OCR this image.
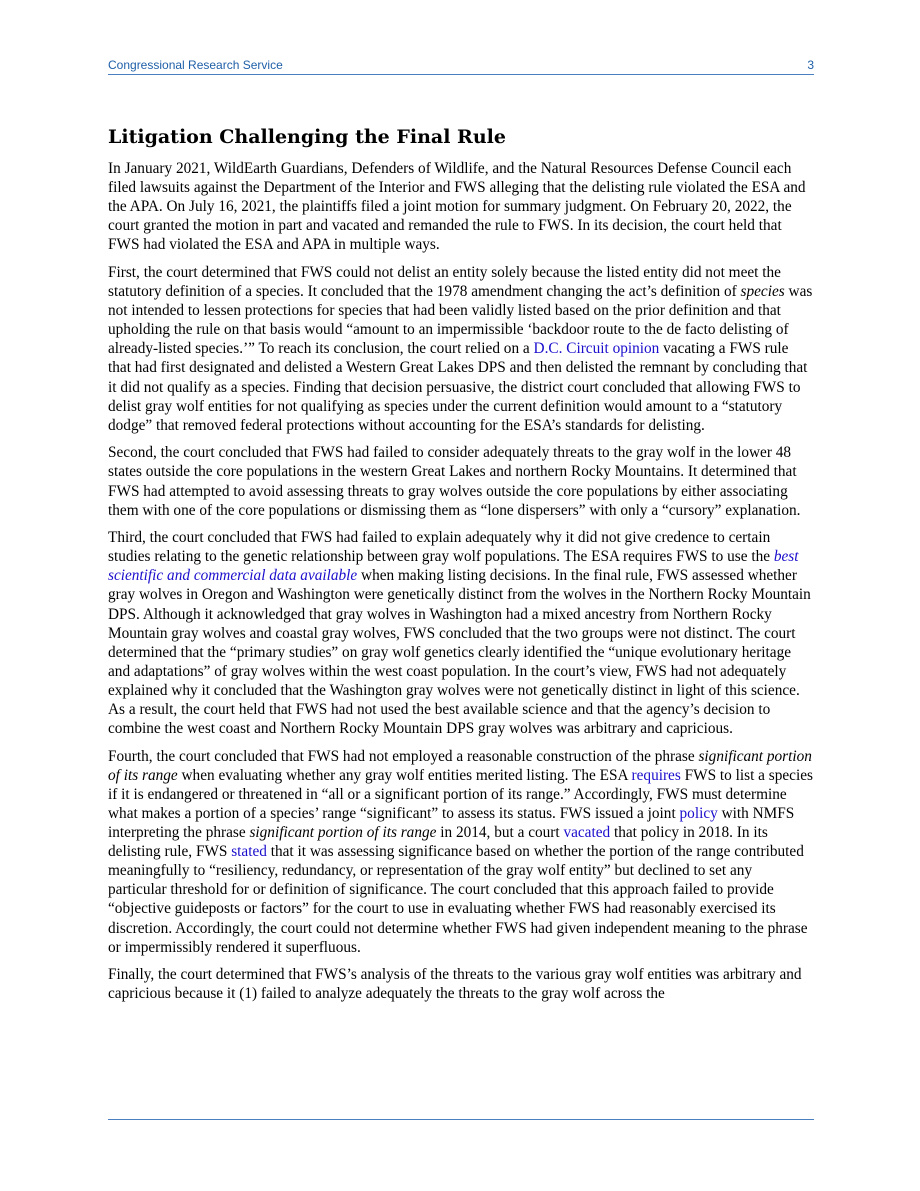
Congressional Research Service	3
Litigation Challenging the Final Rule

In January 2021, WildEarth Guardians, Defenders of Wildlife, and the Natural Resources Defense Council each filed lawsuits against the Department of the Interior and FWS alleging that the delisting rule violated the ESA and the APA. On July 16, 2021, the plaintiffs filed a joint motion for summary judgment. On February 20, 2022, the court granted the motion in part and vacated and remanded the rule to FWS. In its decision, the court held that FWS had violated the ESA and APA in multiple ways.

First, the court determined that FWS could not delist an entity solely because the listed entity did not meet the statutory definition of a species. It concluded that the 1978 amendment changing the act’s definition of species was not intended to lessen protections for species that had been validly listed based on the prior definition and that upholding the rule on that basis would “amount to an impermissible ‘backdoor route to the de facto delisting of already-listed species.’” To reach its conclusion, the court relied on a D.C. Circuit opinion vacating a FWS rule that had first designated and delisted a Western Great Lakes DPS and then delisted the remnant by concluding that it did not qualify as a species. Finding that decision persuasive, the district court concluded that allowing FWS to delist gray wolf entities for not qualifying as species under the current definition would amount to a “statutory dodge” that removed federal protections without accounting for the ESA’s standards for delisting.

Second, the court concluded that FWS had failed to consider adequately threats to the gray wolf in the lower 48 states outside the core populations in the western Great Lakes and northern Rocky Mountains. It determined that FWS had attempted to avoid assessing threats to gray wolves outside the core populations by either associating them with one of the core populations or dismissing them as “lone dispersers” with only a “cursory” explanation.

Third, the court concluded that FWS had failed to explain adequately why it did not give credence to certain studies relating to the genetic relationship between gray wolf populations. The ESA requires FWS to use the best scientific and commercial data available when making listing decisions. In the final rule, FWS assessed whether gray wolves in Oregon and Washington were genetically distinct from the wolves in the Northern Rocky Mountain DPS. Although it acknowledged that gray wolves in Washington had a mixed ancestry from Northern Rocky Mountain gray wolves and coastal gray wolves, FWS concluded that the two groups were not distinct. The court determined that the “primary studies” on gray wolf genetics clearly identified the “unique evolutionary heritage and adaptations” of gray wolves within the west coast population. In the court’s view, FWS had not adequately explained why it concluded that the Washington gray wolves were not genetically distinct in light of this science. As a result, the court held that FWS had not used the best available science and that the agency’s decision to combine the west coast and Northern Rocky Mountain DPS gray wolves was arbitrary and capricious.

Fourth, the court concluded that FWS had not employed a reasonable construction of the phrase significant portion of its range when evaluating whether any gray wolf entities merited listing. The ESA requires FWS to list a species if it is endangered or threatened in “all or a significant portion of its range.” Accordingly, FWS must determine what makes a portion of a species’ range “significant” to assess its status. FWS issued a joint policy with NMFS interpreting the phrase significant portion of its range in 2014, but a court vacated that policy in 2018. In its delisting rule, FWS stated that it was assessing significance based on whether the portion of the range contributed meaningfully to “resiliency, redundancy, or representation of the gray wolf entity” but declined to set any particular threshold for or definition of significance. The court concluded that this approach failed to provide “objective guideposts or factors” for the court to use in evaluating whether FWS had reasonably exercised its discretion. Accordingly, the court could not determine whether FWS had given independent meaning to the phrase or impermissibly rendered it superfluous.

Finally, the court determined that FWS’s analysis of the threats to the various gray wolf entities was arbitrary and capricious because it (1) failed to analyze adequately the threats to the gray wolf across the
